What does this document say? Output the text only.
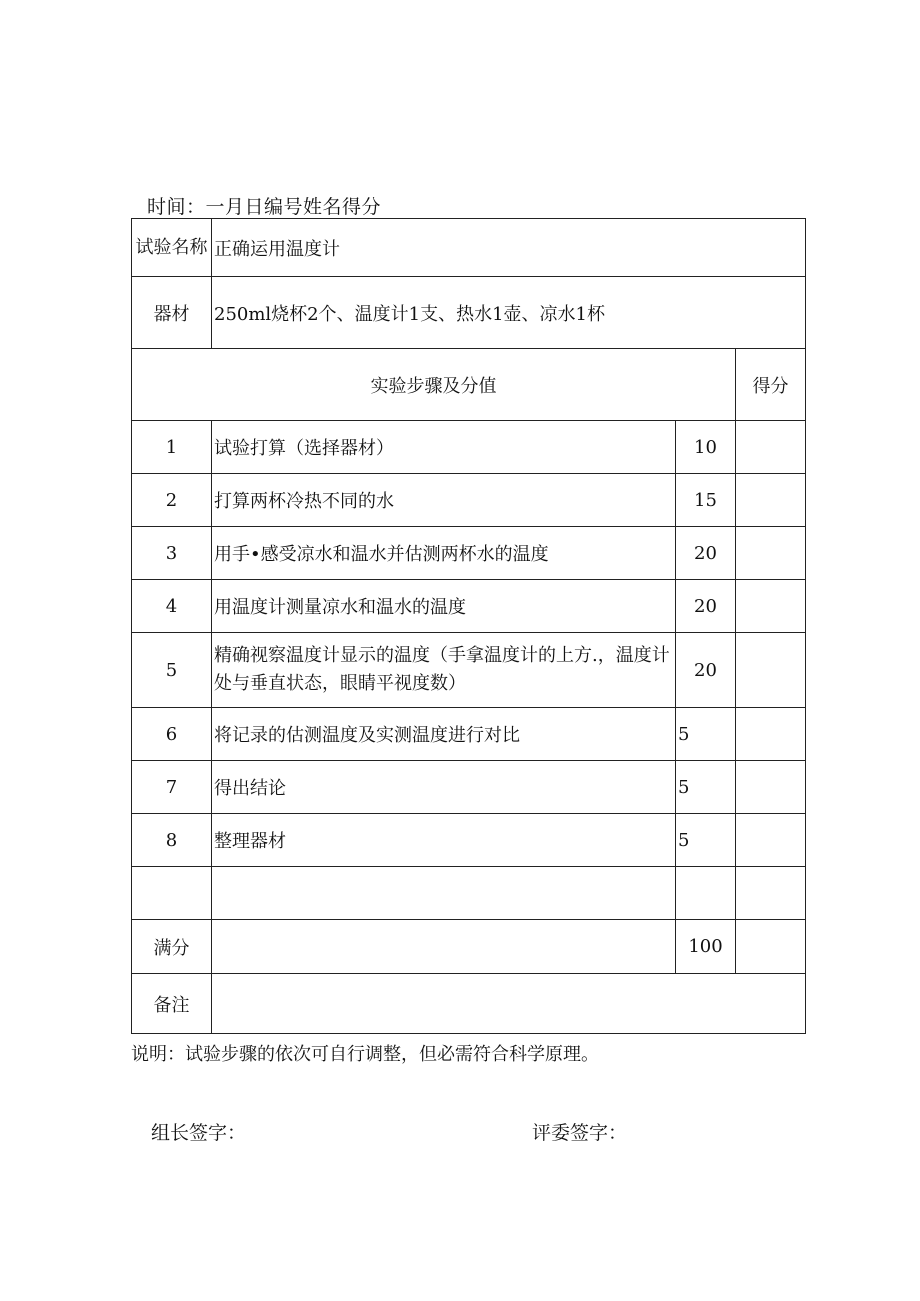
时间：一月日编号姓名得分
试验名称	正确运用温度计		
器材	250ml烧杯2个、温度计1支、热水1壶、凉水1杯		
实验步骤及分值			得分
1	试验打算（选择器材）	10	
2	打算两杯冷热不同的水	15	
3	用手•感受凉水和温水并估测两杯水的温度	20	
4	用温度计测量凉水和温水的温度	20	
5	精确视察温度计显示的温度（手拿温度计的上方.，温度计处与垂直状态，眼睛平视度数）	20	
6	将记录的估测温度及实测温度进行对比	5	
7	得出结论	5	
8	整理器材	5	

满分		100	
备注			
说明：试验步骤的依次可自行调整，但必需符合科学原理。
组长签字：	评委签字：
